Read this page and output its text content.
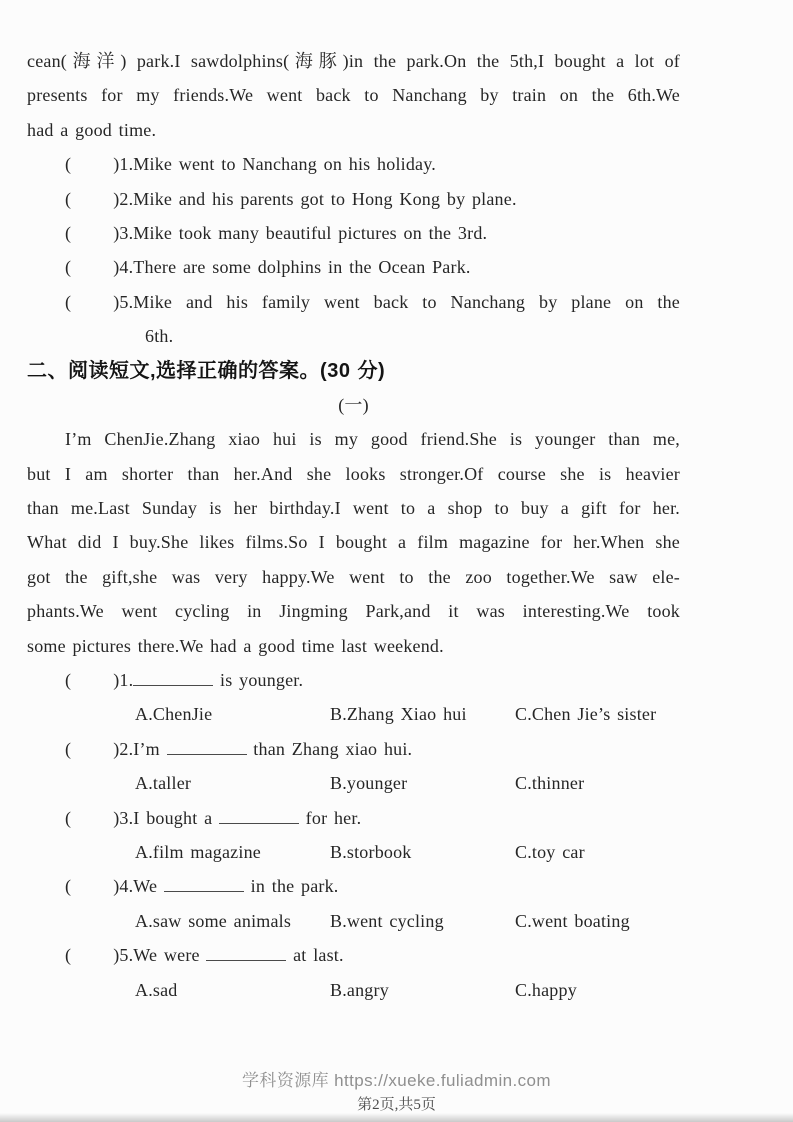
cean(海洋) park.I sawdolphins(海豚)in the park.On the 5th,I bought a lot of
presents for my friends.We went back to Nanchang by train on the 6th.We
had a good time.
( )1.Mike went to Nanchang on his holiday.
( )2.Mike and his parents got to Hong Kong by plane.
( )3.Mike took many beautiful pictures on the 3rd.
( )4.There are some dolphins in the Ocean Park.
( )5.Mike and his family went back to Nanchang by plane on the
6th.
二、阅读短文,选择正确的答案。(30 分)
(一)
I’m ChenJie.Zhang xiao hui is my good friend.She is younger than me,
but I am shorter than her.And she looks stronger.Of course she is heavier
than me.Last Sunday is her birthday.I went to a shop to buy a gift for her.
What did I buy.She likes films.So I bought a film magazine for her.When she
got the gift,she was very happy.We went to the zoo together.We saw ele-
phants.We went cycling in Jingming Park,and it was interesting.We took
some pictures there.We had a good time last weekend.
( )1.	is younger.
A.ChenJie	B.Zhang Xiao hui	C.Chen Jie’s sister
( )2.I’m	than Zhang xiao hui.
A.taller	B.younger	C.thinner
( )3.I bought a	for her.
A.film magazine	B.storbook	C.toy car
( )4.We	in the park.
A.saw some animals B.went cycling	C.went boating
( )5.We were	at last.
A.sad	B.angry	C.happy
学科资源库 https://xueke.fuliadmin.com
第2页,共5页
